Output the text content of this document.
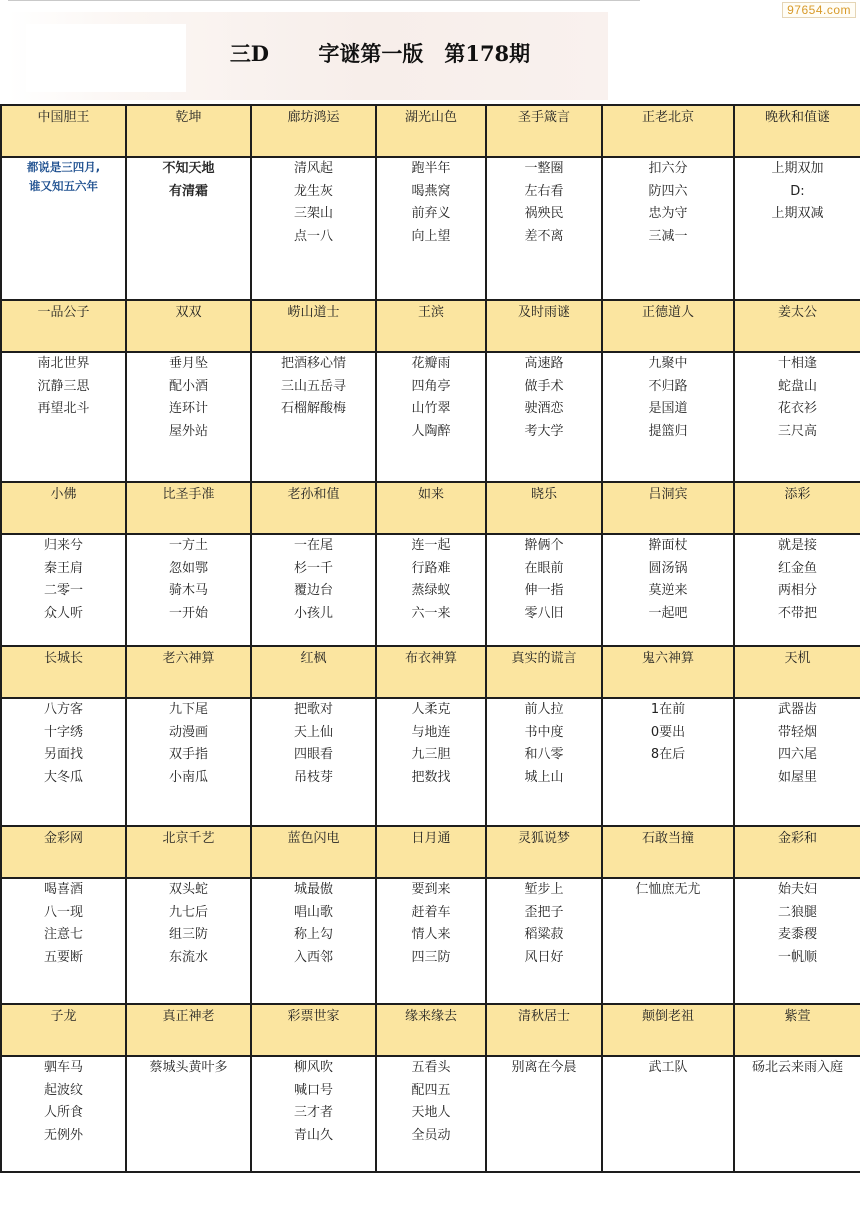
97654.com
三D　　 字谜第一版　第178期
中国胆王	乾坤	廊坊鸿运	湖光山色	圣手箴言	正老北京	晚秋和值谜

都说是三四月,
谁又知五六年	不知天地
有清霜	清风起
龙生灰
三架山
点一八	跑半年
喝燕窝
前弃义
向上望	一整圈
左右看
祸殃民
差不离	扣六分
防四六
忠为守
三减一	上期双加
D:
上期双减

一品公子	双双	崂山道士	王滨	及时雨谜	正德道人	姜太公

南北世界
沉静三思
再望北斗	垂月坠
配小酒
连环计
屋外站	把酒移心情
三山五岳寻
石榴解酸梅	花瓣雨
四角亭
山竹翠
人陶醉	高速路
做手术
驶酒恋
考大学	九聚中
不归路
是国道
提篮归	十相逢
蛇盘山
花衣衫
三尺高

小佛	比圣手准	老孙和值	如来	晓乐	吕洞宾	添彩

归来兮
秦王肩
二零一
众人听	一方土
忽如鄂
骑木马
一开始	一在尾
杉一千
覆边台
小孩儿	连一起
行路难
蒸绿蚁
六一来	擀俩个
在眼前
伸一指
零八旧	擀面杖
圆汤锅
莫逆来
一起吧	就是接
红金鱼
两相分
不带把

长城长	老六神算	红枫	布衣神算	真实的谎言	鬼六神算	天机

八方客
十字绣
另面找
大冬瓜	九下尾
动漫画
双手指
小南瓜	把歌对
天上仙
四眼看
吊枝芽	人柔克
与地连
九三胆
把数找	前人拉
书中度
和八零
城上山	1在前
0要出
8在后	武器齿
带轻烟
四六尾
如屋里

金彩网	北京千艺	蓝色闪电	日月通	灵狐说梦	石敢当撞	金彩和

喝喜酒
八一现
注意七
五要断	双头蛇
九七后
组三防
东流水	城最傲
唱山歌
称上勾
入西邻	要到来
赶着车
情人来
四三防	堑步上
歪把子
稻粱菽
风日好	仁恤庶无尤	始夫妇
二狼腿
麦黍稷
一帆顺

子龙	真正神老	彩票世家	缘来缘去	清秋居士	颠倒老祖	紫萱

驷车马
起波纹
人所食
无例外	蔡城头黄叶多	柳风吹
喊口号
三才者
青山久	五看头
配四五
天地人
全员动	别离在今晨	武工队	砀北云来雨入庭
